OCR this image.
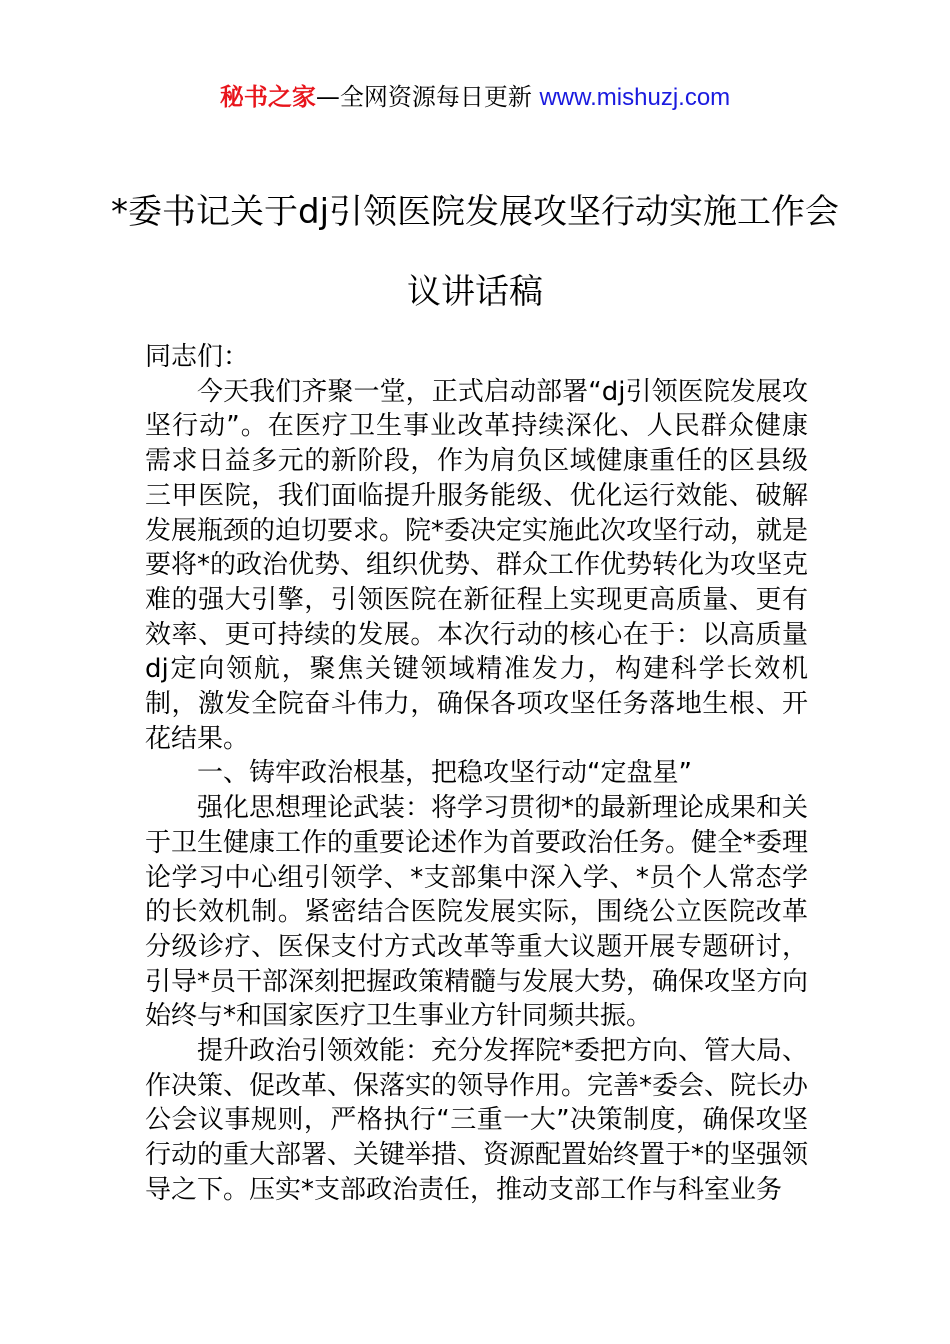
秘书之家—全网资源每日更新 www.mishuzj.com
*委书记关于dj引领医院发展攻坚行动实施工作会议讲话稿

同志们：

今天我们齐聚一堂，正式启动部署“dj引领医院发展攻坚行动”。在医疗卫生事业改革持续深化、人民群众健康需求日益多元的新阶段，作为肩负区域健康重任的区县级三甲医院，我们面临提升服务能级、优化运行效能、破解发展瓶颈的迫切要求。院*委决定实施此次攻坚行动，就是要将*的政治优势、组织优势、群众工作优势转化为攻坚克难的强大引擎，引领医院在新征程上实现更高质量、更有效率、更可持续的发展。本次行动的核心在于：以高质量dj定向领航，聚焦关键领域精准发力，构建科学长效机制，激发全院奋斗伟力，确保各项攻坚任务落地生根、开花结果。

一、铸牢政治根基，把稳攻坚行动“定盘星”

强化思想理论武装：将学习贯彻*的最新理论成果和关于卫生健康工作的重要论述作为首要政治任务。健全*委理论学习中心组引领学、*支部集中深入学、*员个人常态学的长效机制。紧密结合医院发展实际，围绕公立医院改革分级诊疗、医保支付方式改革等重大议题开展专题研讨，引导*员干部深刻把握政策精髓与发展大势，确保攻坚方向始终与*和国家医疗卫生事业方针同频共振。

提升政治引领效能：充分发挥院*委把方向、管大局、作决策、促改革、保落实的领导作用。完善*委会、院长办公会议事规则，严格执行“三重一大”决策制度，确保攻坚行动的重大部署、关键举措、资源配置始终置于*的坚强领导之下。压实*支部政治责任，推动支部工作与科室业务
